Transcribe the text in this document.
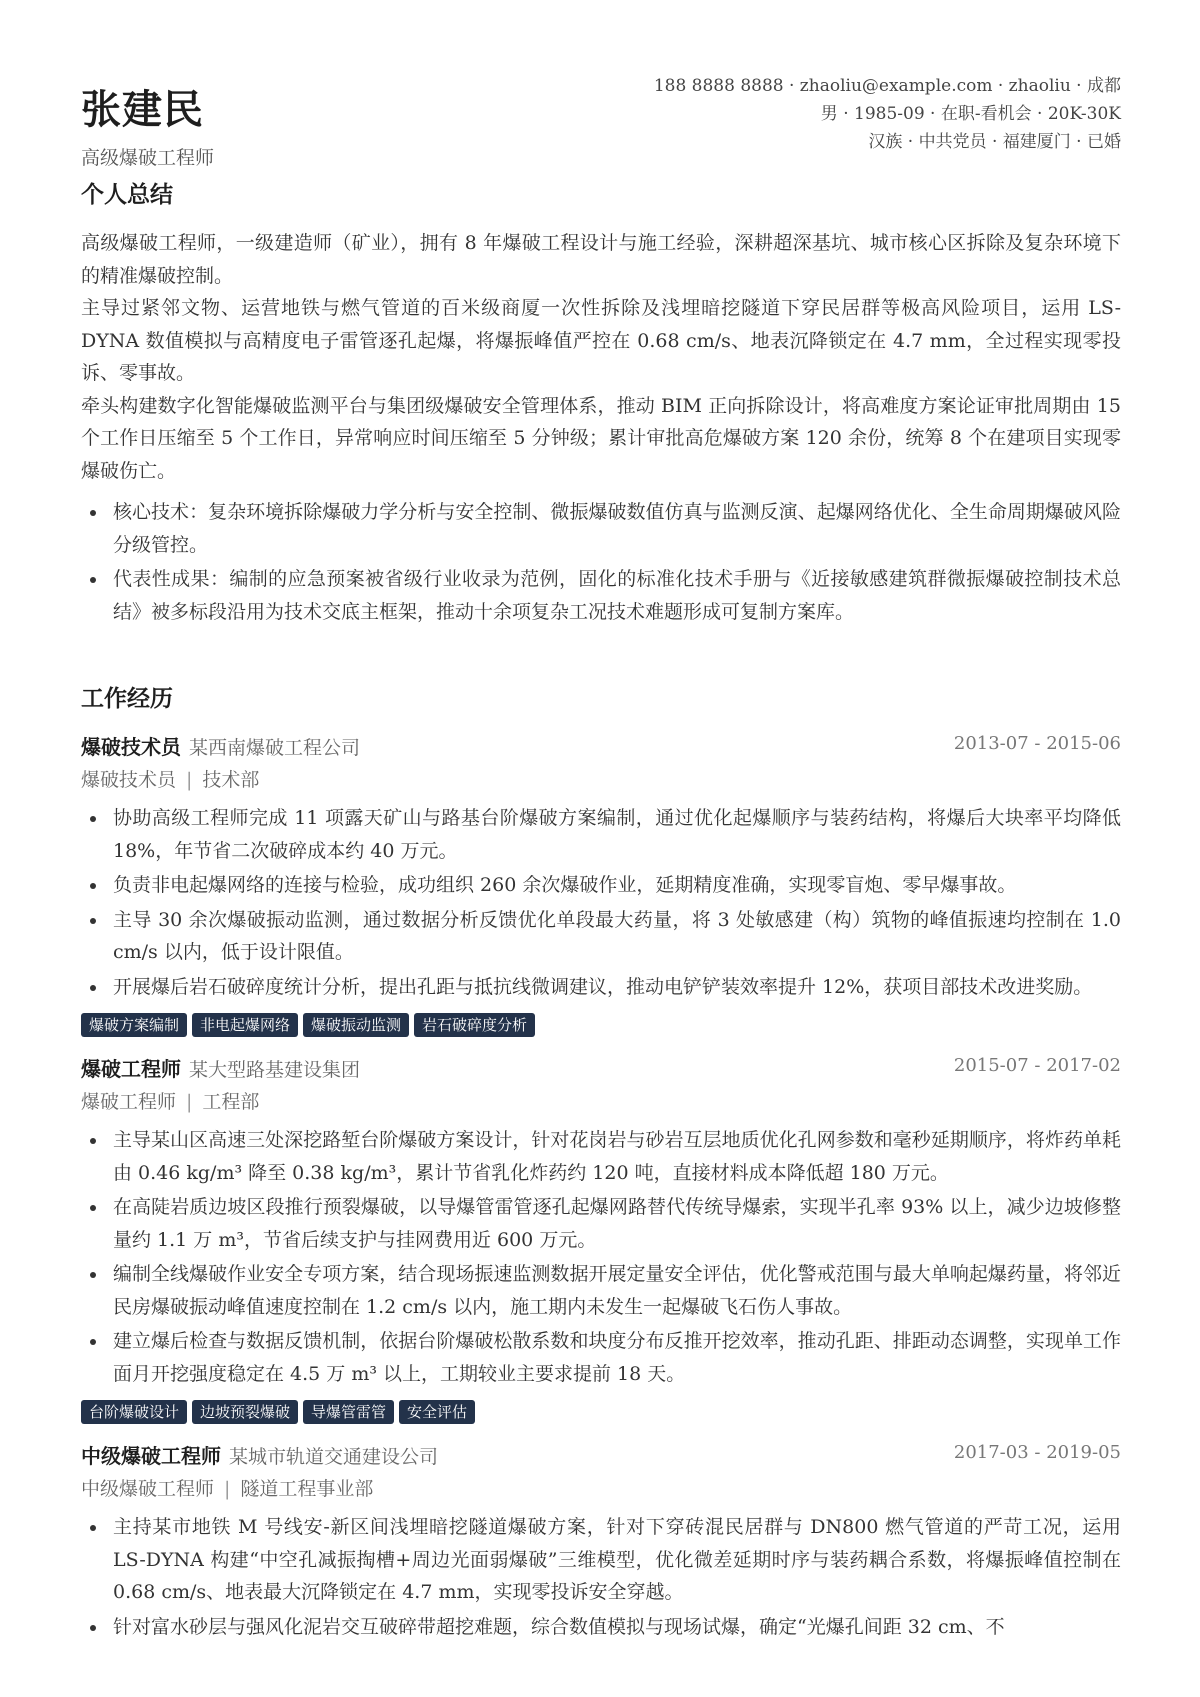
张建民
高级爆破工程师
188 8888 8888 · zhaoliu@example.com · zhaoliu · 成都
男 · 1985-09 · 在职-看机会 · 20K-30K
汉族 · 中共党员 · 福建厦门 · 已婚
个人总结

高级爆破工程师，一级建造师（矿业），拥有 8 年爆破工程设计与施工经验，深耕超深基坑、城市核心区拆除及复杂环境下的精准爆破控制。

主导过紧邻文物、运营地铁与燃气管道的百米级商厦一次性拆除及浅埋暗挖隧道下穿民居群等极高风险项目，运用 LS-DYNA 数值模拟与高精度电子雷管逐孔起爆，将爆振峰值严控在 0.68 cm/s、地表沉降锁定在 4.7 mm，全过程实现零投诉、零事故。

牵头构建数字化智能爆破监测平台与集团级爆破安全管理体系，推动 BIM 正向拆除设计，将高难度方案论证审批周期由 15 个工作日压缩至 5 个工作日，异常响应时间压缩至 5 分钟级；累计审批高危爆破方案 120 余份，统筹 8 个在建项目实现零爆破伤亡。

核心技术：复杂环境拆除爆破力学分析与安全控制、微振爆破数值仿真与监测反演、起爆网络优化、全生命周期爆破风险分级管控。
代表性成果：编制的应急预案被省级行业收录为范例，固化的标准化技术手册与《近接敏感建筑群微振爆破控制技术总结》被多标段沿用为技术交底主框架，推动十余项复杂工况技术难题形成可复制方案库。
工作经历
爆破技术员 某西南爆破工程公司	2013-07 - 2015-06
爆破技术员 | 技术部
协助高级工程师完成 11 项露天矿山与路基台阶爆破方案编制，通过优化起爆顺序与装药结构，将爆后大块率平均降低 18%，年节省二次破碎成本约 40 万元。
负责非电起爆网络的连接与检验，成功组织 260 余次爆破作业，延期精度准确，实现零盲炮、零早爆事故。
主导 30 余次爆破振动监测，通过数据分析反馈优化单段最大药量，将 3 处敏感建（构）筑物的峰值振速均控制在 1.0 cm/s 以内，低于设计限值。
开展爆后岩石破碎度统计分析，提出孔距与抵抗线微调建议，推动电铲铲装效率提升 12%，获项目部技术改进奖励。
爆破方案编制	非电起爆网络	爆破振动监测	岩石破碎度分析
爆破工程师 某大型路基建设集团	2015-07 - 2017-02
爆破工程师 | 工程部
主导某山区高速三处深挖路堑台阶爆破方案设计，针对花岗岩与砂岩互层地质优化孔网参数和毫秒延期顺序，将炸药单耗由 0.46 kg/m³ 降至 0.38 kg/m³，累计节省乳化炸药约 120 吨，直接材料成本降低超 180 万元。
在高陡岩质边坡区段推行预裂爆破，以导爆管雷管逐孔起爆网路替代传统导爆索，实现半孔率 93% 以上，减少边坡修整量约 1.1 万 m³，节省后续支护与挂网费用近 600 万元。
编制全线爆破作业安全专项方案，结合现场振速监测数据开展定量安全评估，优化警戒范围与最大单响起爆药量，将邻近民房爆破振动峰值速度控制在 1.2 cm/s 以内，施工期内未发生一起爆破飞石伤人事故。
建立爆后检查与数据反馈机制，依据台阶爆破松散系数和块度分布反推开挖效率，推动孔距、排距动态调整，实现单工作面月开挖强度稳定在 4.5 万 m³ 以上，工期较业主要求提前 18 天。
台阶爆破设计	边坡预裂爆破	导爆管雷管	安全评估
中级爆破工程师 某城市轨道交通建设公司	2017-03 - 2019-05
中级爆破工程师 | 隧道工程事业部
主持某市地铁 M 号线安-新区间浅埋暗挖隧道爆破方案，针对下穿砖混民居群与 DN800 燃气管道的严苛工况，运用 LS-DYNA 构建“中空孔减振掏槽+周边光面弱爆破”三维模型，优化微差延期时序与装药耦合系数，将爆振峰值控制在 0.68 cm/s、地表最大沉降锁定在 4.7 mm，实现零投诉安全穿越。
针对富水砂层与强风化泥岩交互破碎带超挖难题，综合数值模拟与现场试爆，确定“光爆孔间距 32 cm、不
